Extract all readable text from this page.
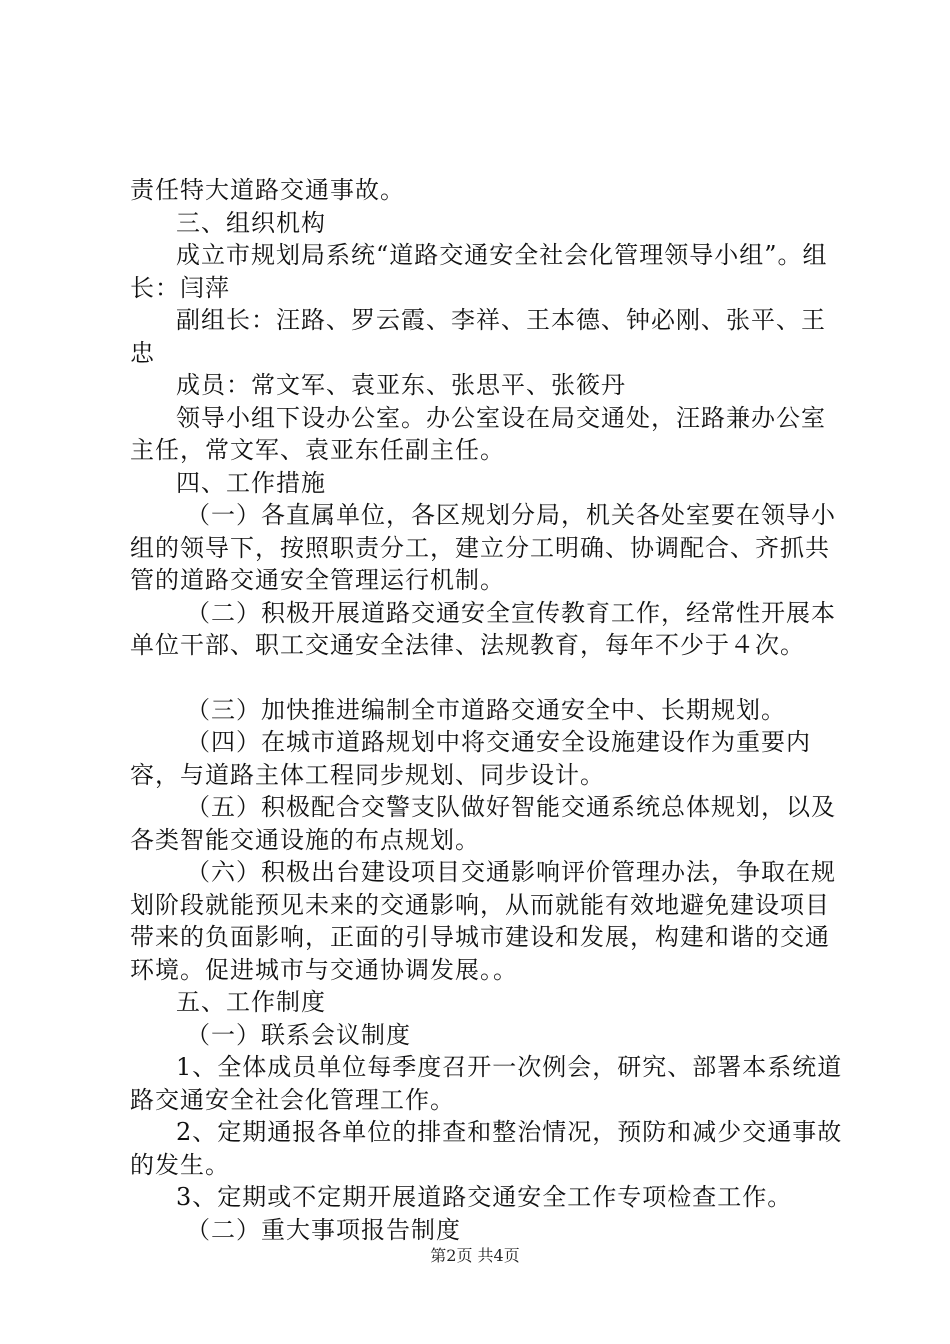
责任特大道路交通事故。

三、组织机构

成立市规划局系统“道路交通安全社会化管理领导小组”。组长：闫萍

副组长：汪路、罗云霞、李祥、王本德、钟必刚、张平、王忠

成员：常文军、袁亚东、张思平、张筱丹

领导小组下设办公室。办公室设在局交通处，汪路兼办公室主任，常文军、袁亚东任副主任。

四、工作措施

（一）各直属单位，各区规划分局，机关各处室要在领导小组的领导下，按照职责分工，建立分工明确、协调配合、齐抓共管的道路交通安全管理运行机制。

（二）积极开展道路交通安全宣传教育工作，经常性开展本单位干部、职工交通安全法律、法规教育，每年不少于４次。

（三）加快推进编制全市道路交通安全中、长期规划。

（四）在城市道路规划中将交通安全设施建设作为重要内容，与道路主体工程同步规划、同步设计。

（五）积极配合交警支队做好智能交通系统总体规划，以及各类智能交通设施的布点规划。

（六）积极出台建设项目交通影响评价管理办法，争取在规划阶段就能预见未来的交通影响，从而就能有效地避免建设项目带来的负面影响，正面的引导城市建设和发展，构建和谐的交通环境。促进城市与交通协调发展。。

五、工作制度

（一）联系会议制度

1、全体成员单位每季度召开一次例会，研究、部署本系统道路交通安全社会化管理工作。

2、定期通报各单位的排查和整治情况，预防和减少交通事故的发生。

3、定期或不定期开展道路交通安全工作专项检查工作。

（二）重大事项报告制度

第2页 共4页
